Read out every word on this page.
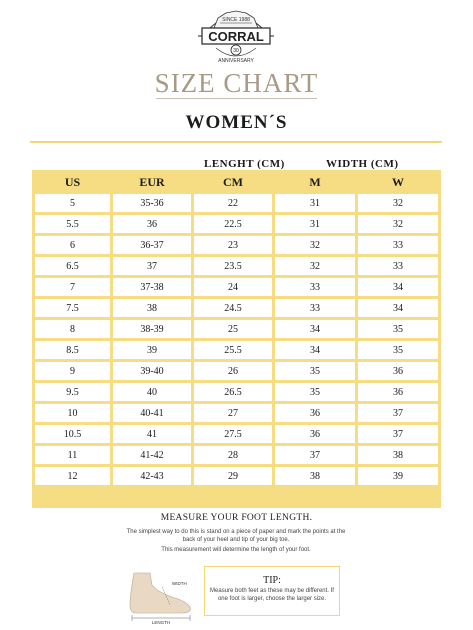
SINCE 1988
CORRAL
30
ANNIVERSARY
SIZE CHART
WOMEN´S
LENGHT (CM)	WIDTH (CM)
US	EUR	CM	M	W
5	35-36	22	31	32
5.5	36	22.5	31	32
6	36-37	23	32	33
6.5	37	23.5	32	33
7	37-38	24	33	34
7.5	38	24.5	33	34
8	38-39	25	34	35
8.5	39	25.5	34	35
9	39-40	26	35	36
9.5	40	26.5	35	36
10	40-41	27	36	37
10.5	41	27.5	36	37
11	41-42	28	37	38
12	42-43	29	38	39
MEASURE YOUR FOOT LENGTH.
The simplest way to do this is stand on a piece of paper and mark the points at the back of your heel and tip of your big toe.
This measurement will determine the length of your foot.
WIDTH
LENGTH
TIP:
Measure both feet as these may be different. If one foot is larger, choose the larger size.
